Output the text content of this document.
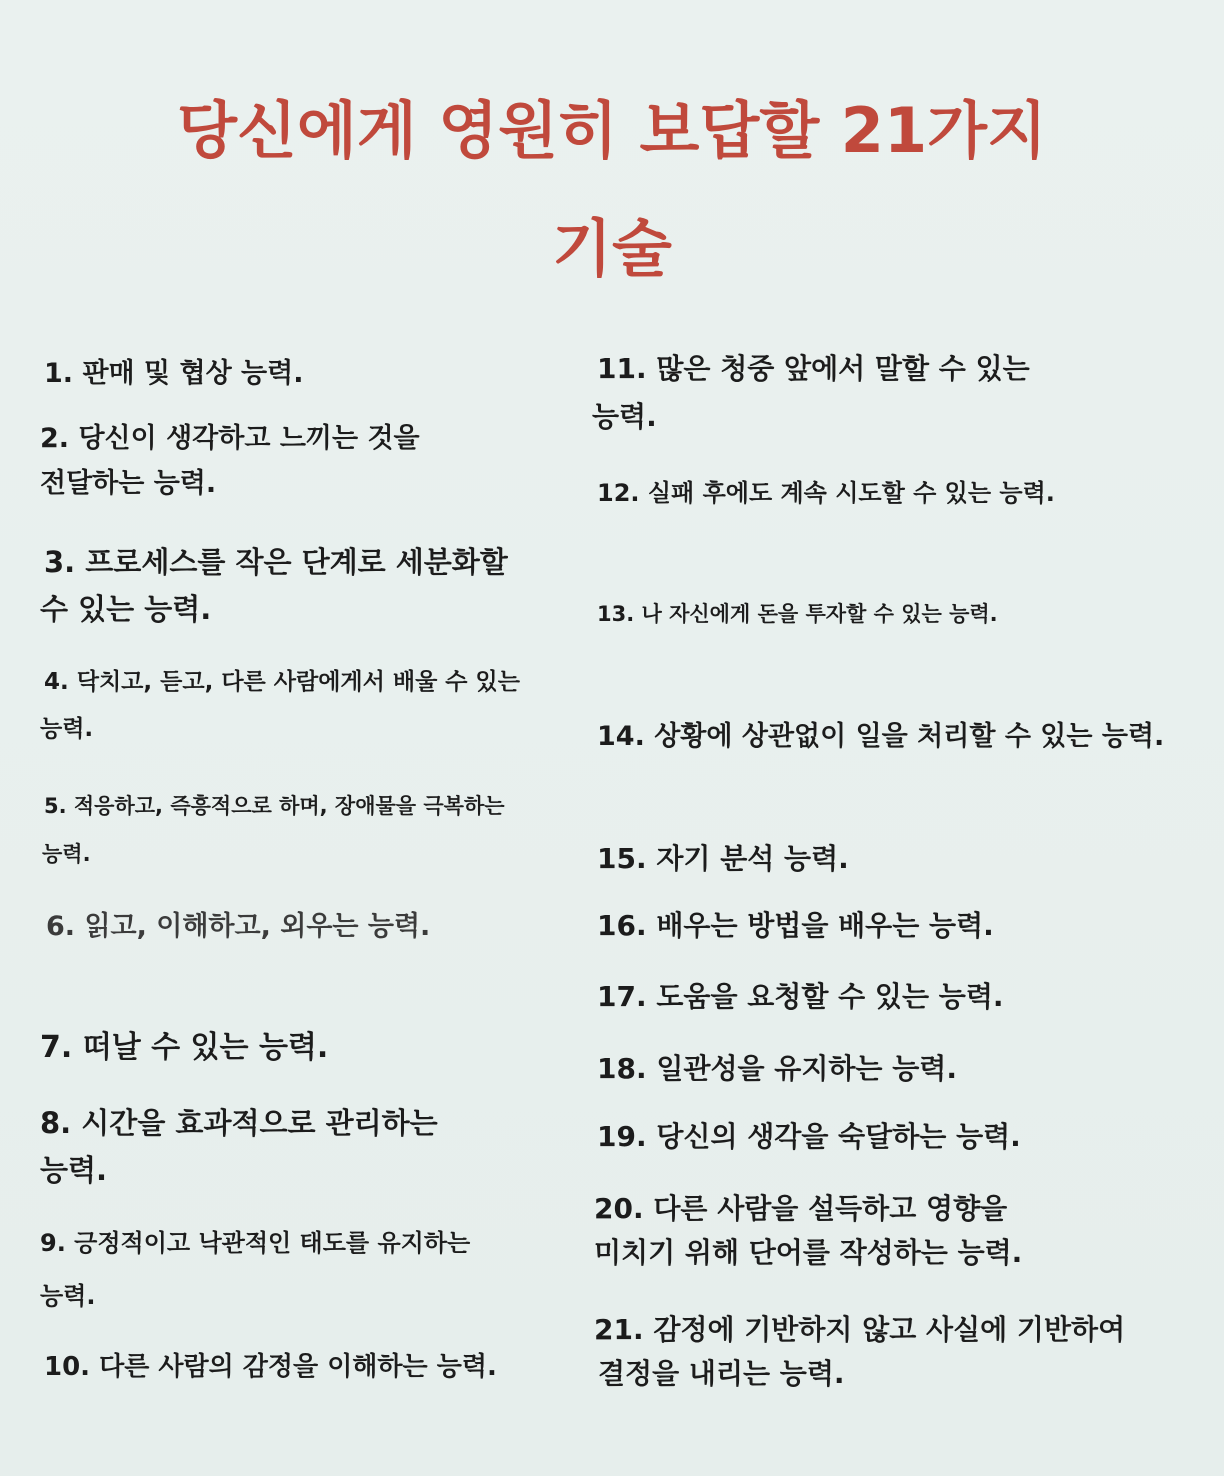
당신에게 영원히 보답할 21가지
기술
1. 판매 및 협상 능력.
2. 당신이 생각하고 느끼는 것을
전달하는 능력.
3. 프로세스를 작은 단계로 세분화할
수 있는 능력.
4. 닥치고, 듣고, 다른 사람에게서 배울 수 있는
능력.
5. 적응하고, 즉흥적으로 하며, 장애물을 극복하는
능력.
6. 읽고, 이해하고, 외우는 능력.
7. 떠날 수 있는 능력.
8. 시간을 효과적으로 관리하는
능력.
9. 긍정적이고 낙관적인 태도를 유지하는
능력.
10. 다른 사람의 감정을 이해하는 능력.
11. 많은 청중 앞에서 말할 수 있는
능력.
12. 실패 후에도 계속 시도할 수 있는 능력.
13. 나 자신에게 돈을 투자할 수 있는 능력.
14. 상황에 상관없이 일을 처리할 수 있는 능력.
15. 자기 분석 능력.
16. 배우는 방법을 배우는 능력.
17. 도움을 요청할 수 있는 능력.
18. 일관성을 유지하는 능력.
19. 당신의 생각을 숙달하는 능력.
20. 다른 사람을 설득하고 영향을
미치기 위해 단어를 작성하는 능력.
21. 감정에 기반하지 않고 사실에 기반하여
결정을 내리는 능력.
